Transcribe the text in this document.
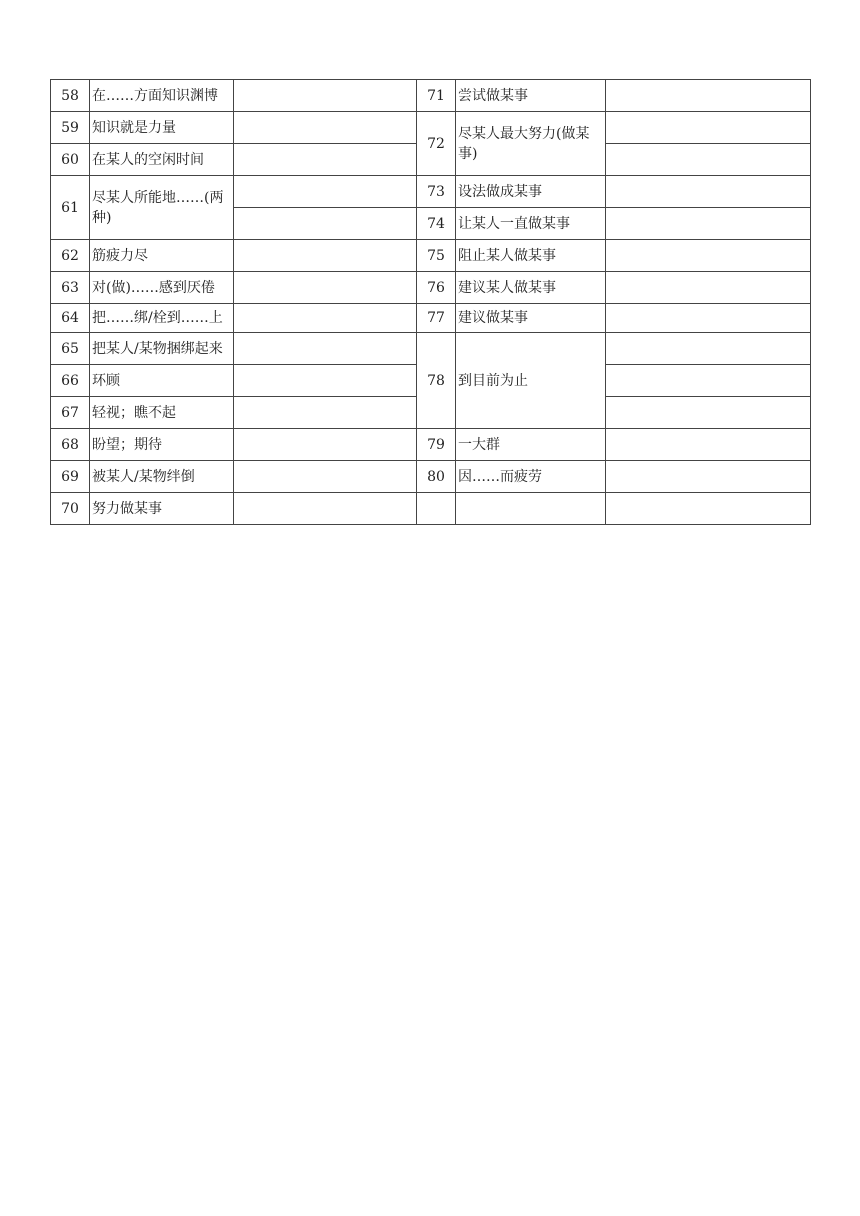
58	在……方面知识渊博		71	尝试做某事	
59	知识就是力量		72	尽某人最大努力(做某事)	
60	在某人的空闲时间				
61	尽某人所能地……(两种)		73	设法做成某事	
			74	让某人一直做某事	
62	筋疲力尽		75	阻止某人做某事	
63	对(做)……感到厌倦		76	建议某人做某事	
64	把……绑/栓到……上		77	建议做某事	
65	把某人/某物捆绑起来		78	到目前为止	
66	环顾				
67	轻视；瞧不起				
68	盼望；期待		79	一大群	
69	被某人/某物绊倒		80	因……而疲劳	
70	努力做某事				
